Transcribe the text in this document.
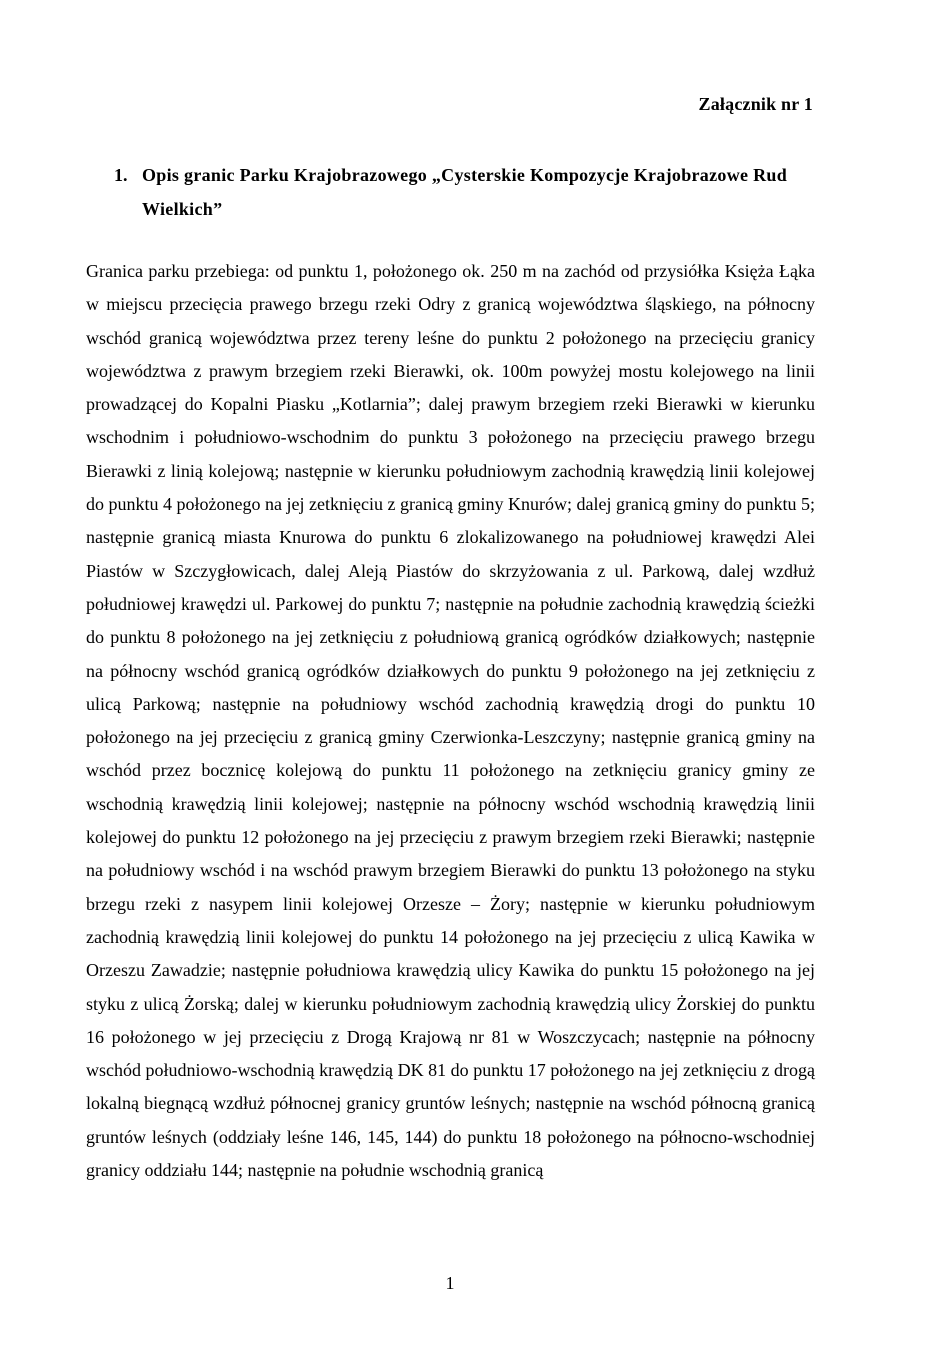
Załącznik nr 1

1. Opis granic Parku Krajobrazowego „Cysterskie Kompozycje Krajobrazowe Rud Wielkich”

Granica parku przebiega: od punktu 1, położonego ok. 250 m na zachód od przysiółka Księża Łąka w miejscu przecięcia prawego brzegu rzeki Odry z granicą województwa śląskiego, na północny wschód granicą województwa przez tereny leśne do punktu 2 położonego na przecięciu granicy województwa z prawym brzegiem rzeki Bierawki, ok. 100m powyżej mostu kolejowego na linii prowadzącej do Kopalni Piasku „Kotlarnia”; dalej prawym brzegiem rzeki Bierawki w kierunku wschodnim i południowo-wschodnim do punktu 3 położonego na przecięciu prawego brzegu Bierawki z linią kolejową; następnie w kierunku południowym zachodnią krawędzią linii kolejowej do punktu 4 położonego na jej zetknięciu z granicą gminy Knurów; dalej granicą gminy do punktu 5; następnie granicą miasta Knurowa do punktu 6 zlokalizowanego na południowej krawędzi Alei Piastów w Szczygłowicach, dalej Aleją Piastów do skrzyżowania z ul. Parkową, dalej wzdłuż południowej krawędzi ul. Parkowej do punktu 7; następnie na południe zachodnią krawędzią ścieżki do punktu 8 położonego na jej zetknięciu z południową granicą ogródków działkowych; następnie na północny wschód granicą ogródków działkowych do punktu 9 położonego na jej zetknięciu z ulicą Parkową; następnie na południowy wschód zachodnią krawędzią drogi do punktu 10 położonego na jej przecięciu z granicą gminy Czerwionka-Leszczyny; następnie granicą gminy na wschód przez bocznicę kolejową do punktu 11 położonego na zetknięciu granicy gminy ze wschodnią krawędzią linii kolejowej; następnie na północny wschód wschodnią krawędzią linii kolejowej do punktu 12 położonego na jej przecięciu z prawym brzegiem rzeki Bierawki; następnie na południowy wschód i na wschód prawym brzegiem Bierawki do punktu 13 położonego na styku brzegu rzeki z nasypem linii kolejowej Orzesze – Żory; następnie w kierunku południowym zachodnią krawędzią linii kolejowej do punktu 14 położonego na jej przecięciu z ulicą Kawika w Orzeszu Zawadzie; następnie południowa krawędzią ulicy Kawika do punktu 15 położonego na jej styku z ulicą Żorską; dalej w kierunku południowym zachodnią krawędzią ulicy Żorskiej do punktu 16 położonego w jej przecięciu z Drogą Krajową nr 81 w Woszczycach; następnie na północny wschód południowo-wschodnią krawędzią DK 81 do punktu 17 położonego na jej zetknięciu z drogą lokalną biegnącą wzdłuż północnej granicy gruntów leśnych; następnie na wschód północną granicą gruntów leśnych (oddziały leśne 146, 145, 144) do punktu 18 położonego na północno-wschodniej granicy oddziału 144; następnie na południe wschodnią granicą

1
